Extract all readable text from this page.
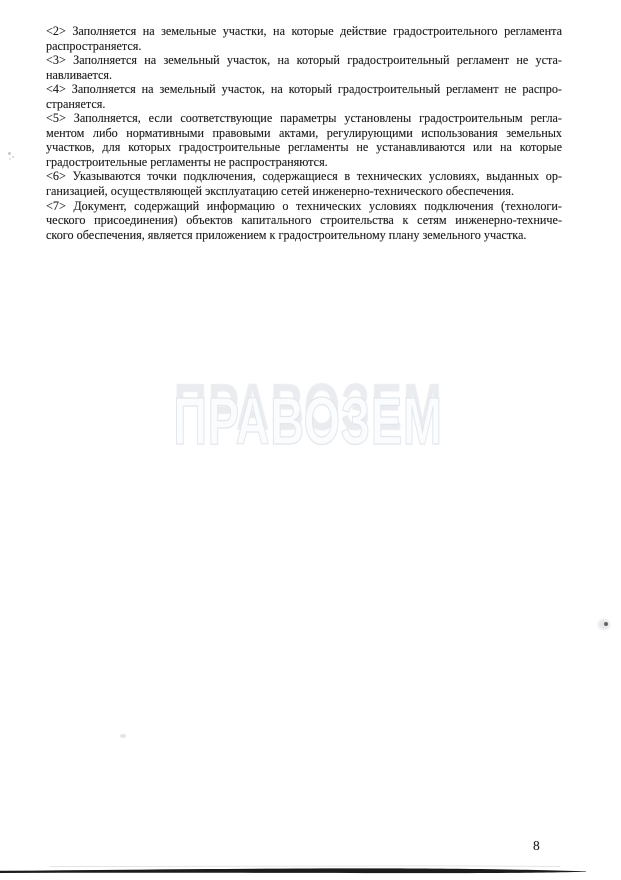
<2> Заполняется на земельные участки, на которые действие градостроительного регламента
распространяется.
<3> Заполняется на земельный участок, на который градостроительный регламент не уста-
навливается.
<4> Заполняется на земельный участок, на который градостроительный регламент не распро-
страняется.
<5> Заполняется, если соответствующие параметры установлены градостроительным регла-
ментом либо нормативными правовыми актами, регулирующими использования земельных
участков, для которых градостроительные регламенты не устанавливаются или на которые
градостроительные регламенты не распространяются.
<6> Указываются точки подключения, содержащиеся в технических условиях, выданных ор-
ганизацией, осуществляющей эксплуатацию сетей инженерно-технического обеспечения.
<7> Документ, содержащий информацию о технических условиях подключения (технологи-
ческого присоединения) объектов капитального строительства к сетям инженерно-техниче-
ского обеспечения, является приложением к градостроительному плану земельного участка.
ПРАВОЗЕМ
8
